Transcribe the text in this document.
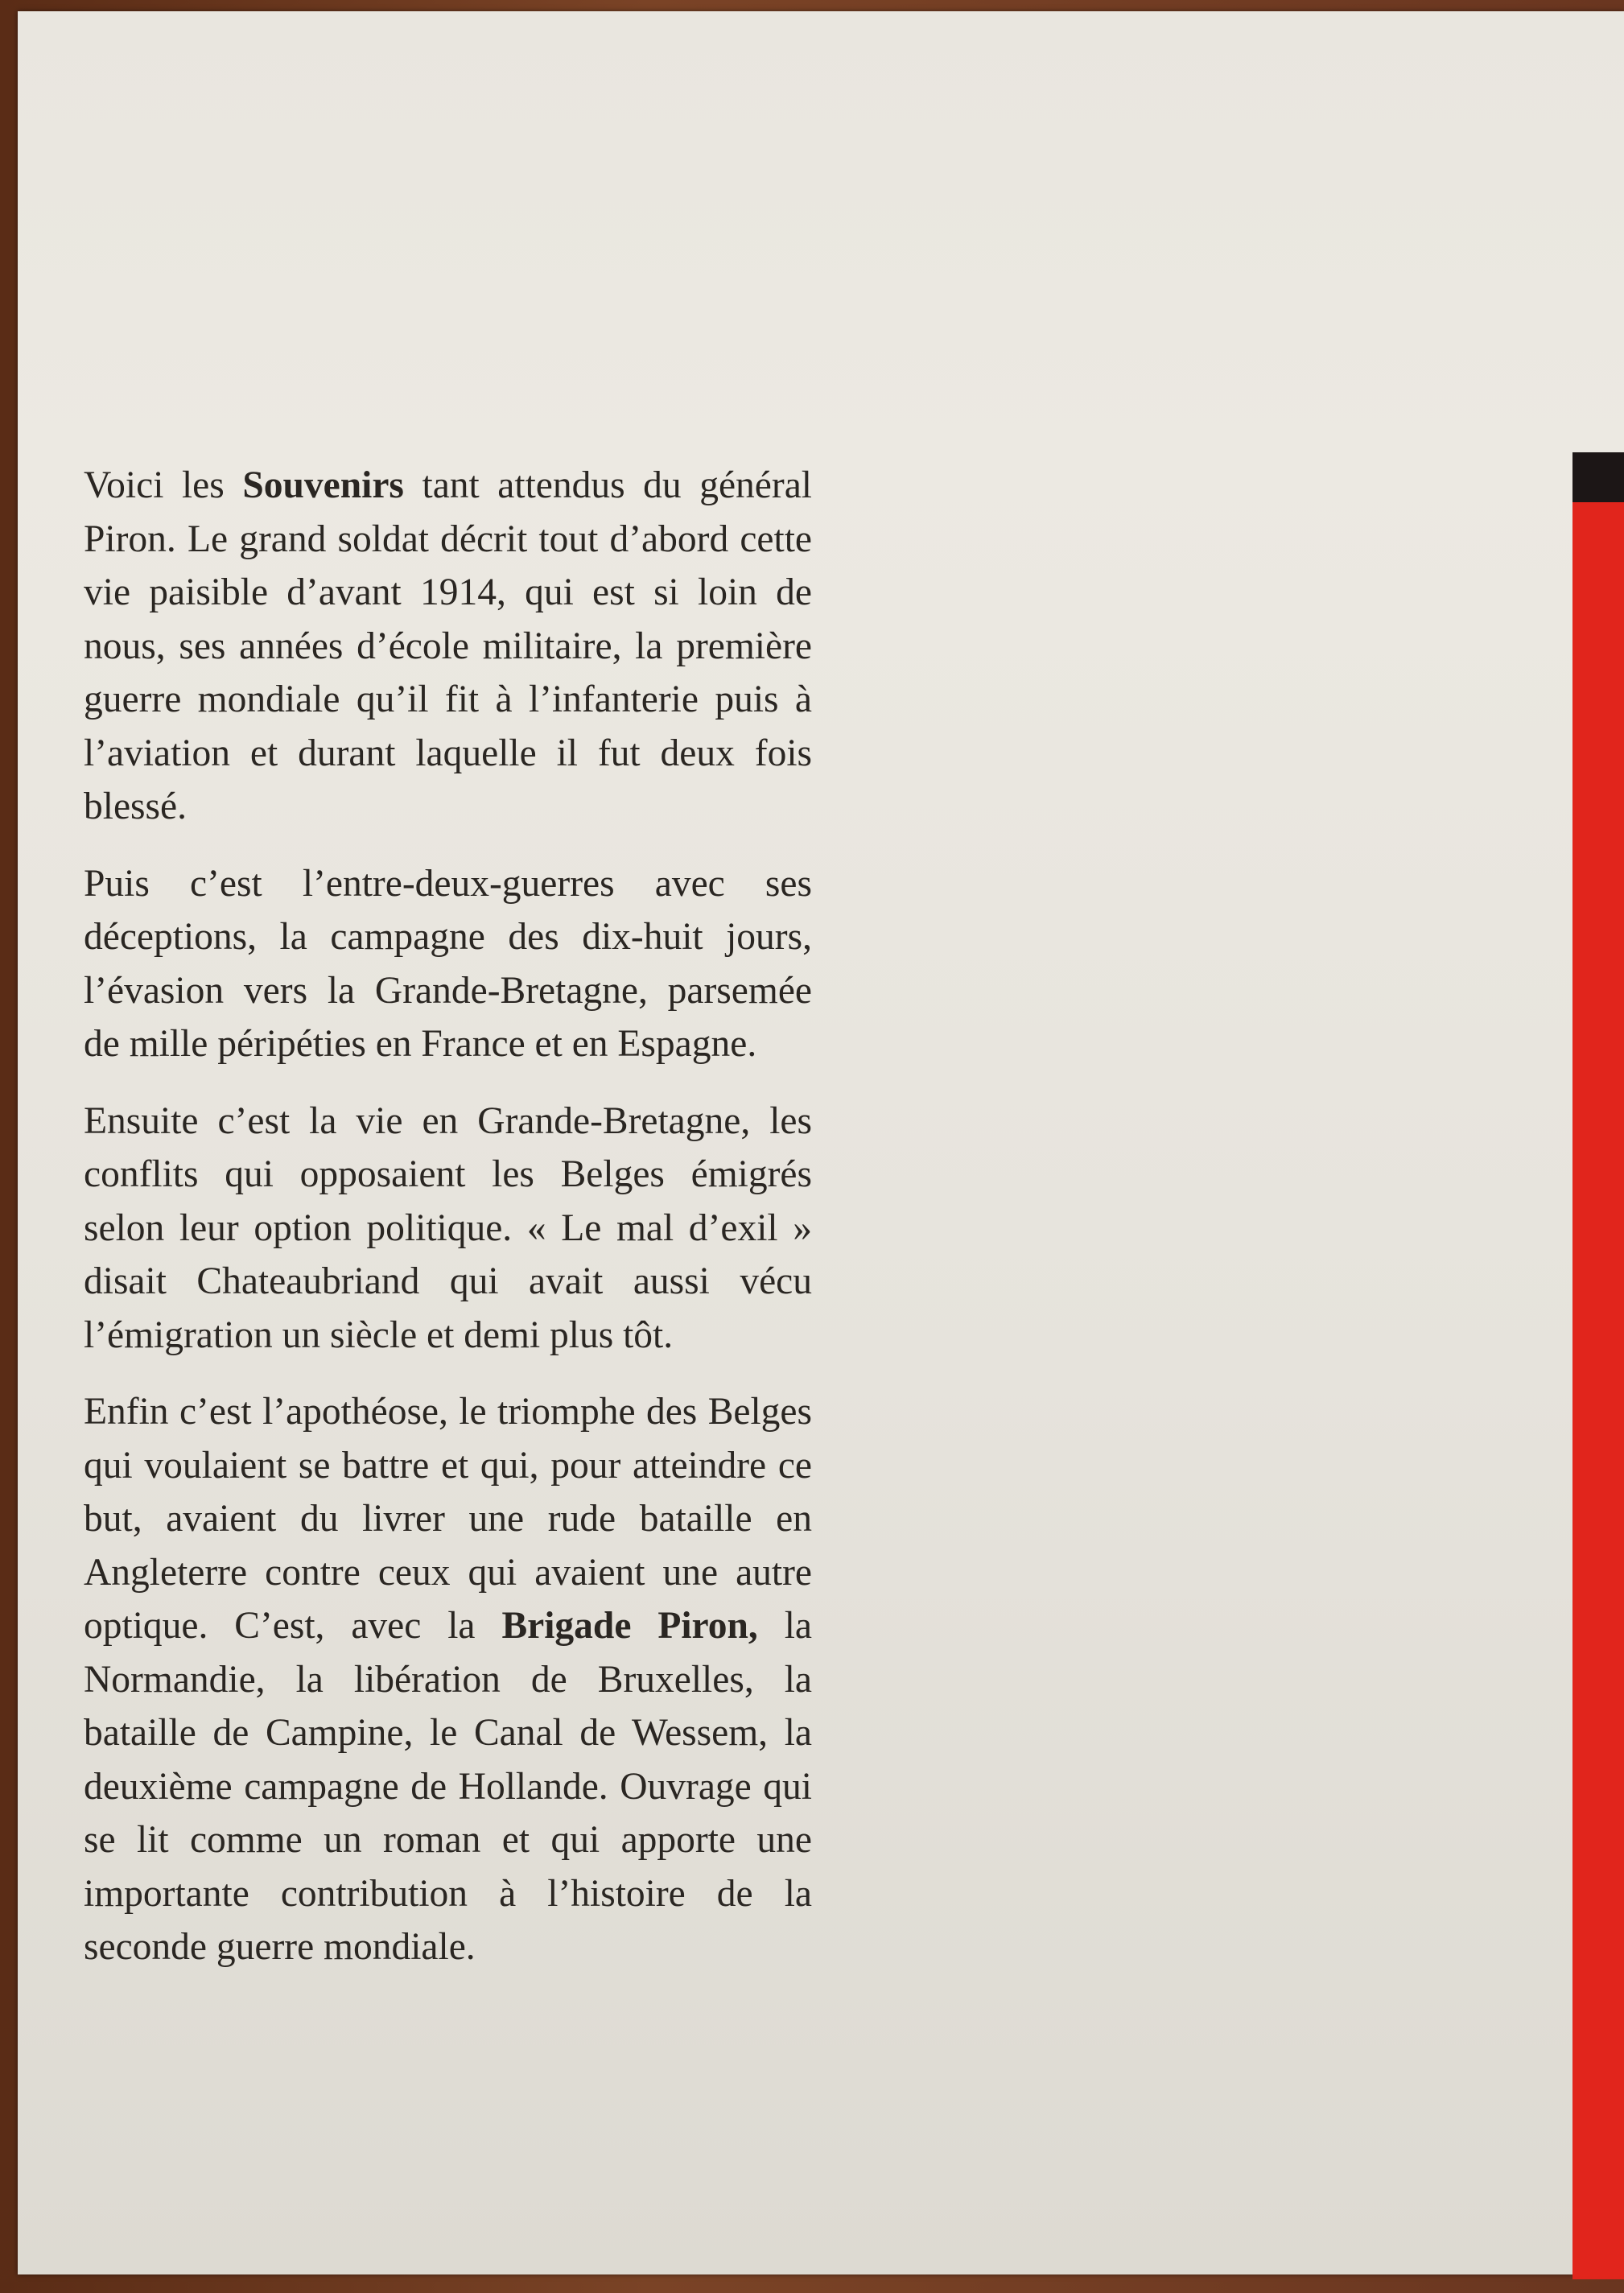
Voici les Souvenirs tant attendus du général Piron. Le grand soldat décrit tout d’abord cette vie paisible d’avant 1914, qui est si loin de nous, ses années d’école militaire, la première guerre mondiale qu’il fit à l’infanterie puis à l’aviation et durant laquelle il fut deux fois blessé.

Puis c’est l’entre-deux-guerres avec ses déceptions, la campagne des dix-huit jours, l’évasion vers la Grande-Bretagne, parsemée de mille péripéties en France et en Espagne.

Ensuite c’est la vie en Grande-Bretagne, les conflits qui opposaient les Belges émigrés selon leur option politique. « Le mal d’exil » disait Chateaubriand qui avait aussi vécu l’émigration un siècle et demi plus tôt.

Enfin c’est l’apothéose, le triomphe des Belges qui voulaient se battre et qui, pour atteindre ce but, avaient du livrer une rude bataille en Angleterre contre ceux qui avaient une autre optique. C’est, avec la Brigade Piron, la Normandie, la libération de Bruxelles, la bataille de Campine, le Canal de Wessem, la deuxième campagne de Hollande. Ouvrage qui se lit comme un roman et qui apporte une importante contribution à l’histoire de la seconde guerre mondiale.
